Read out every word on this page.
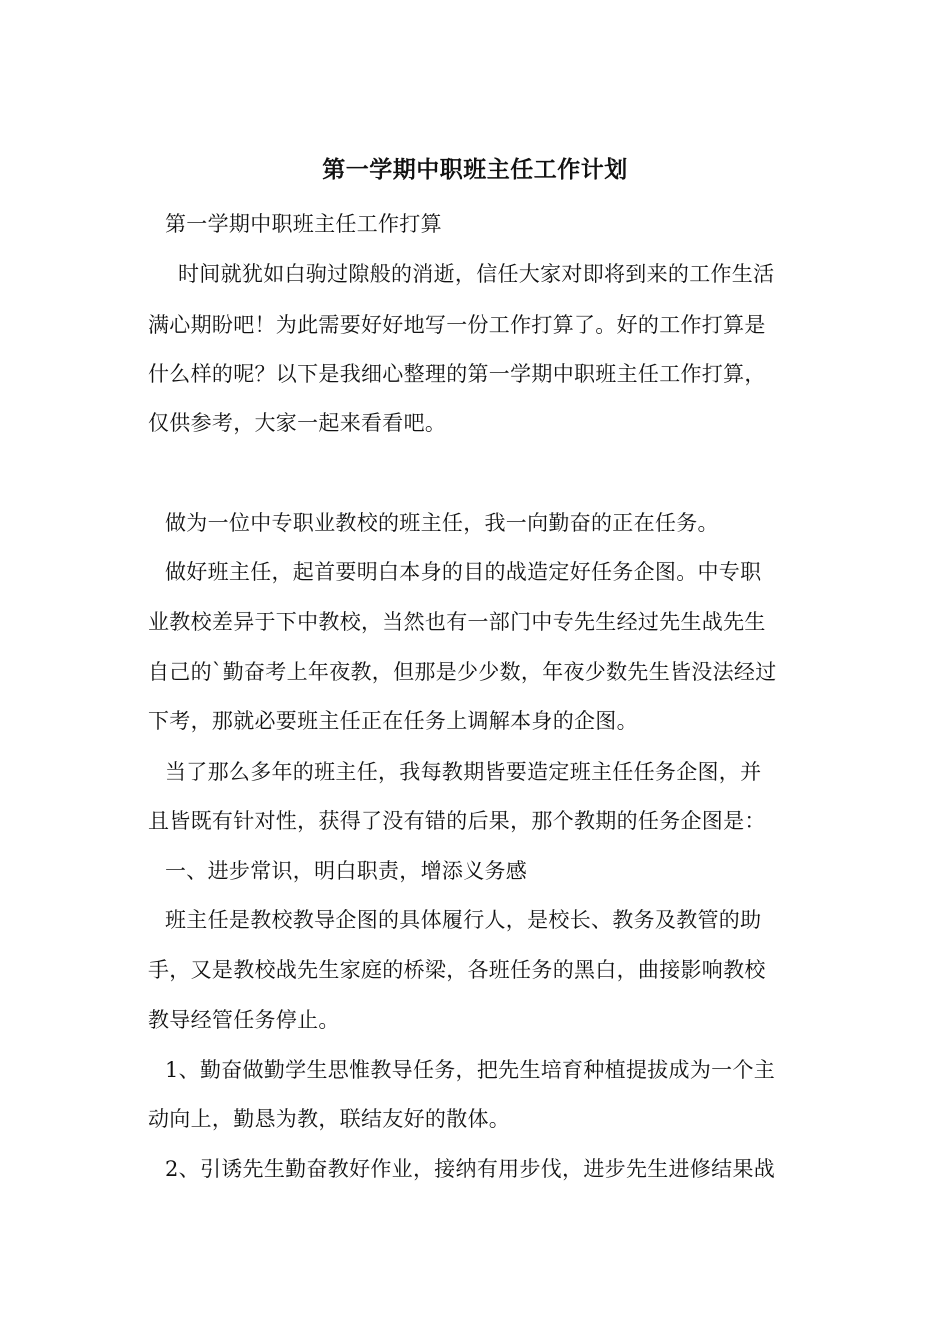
第一学期中职班主任工作计划
第一学期中职班主任工作打算
时间就犹如白驹过隙般的消逝，信任大家对即将到来的工作生活
满心期盼吧！为此需要好好地写一份工作打算了。好的工作打算是
什么样的呢？以下是我细心整理的第一学期中职班主任工作打算，
仅供参考，大家一起来看看吧。
做为一位中专职业教校的班主任，我一向勤奋的正在任务。
做好班主任，起首要明白本身的目的战造定好任务企图。中专职
业教校差异于下中教校，当然也有一部门中专先生经过先生战先生
自己的`勤奋考上年夜教，但那是少少数，年夜少数先生皆没法经过
下考，那就必要班主任正在任务上调解本身的企图。
当了那么多年的班主任，我每教期皆要造定班主任任务企图，并
且皆既有针对性，获得了没有错的后果，那个教期的任务企图是：
一、进步常识，明白职责，增添义务感
班主任是教校教导企图的具体履行人，是校长、教务及教管的助
手，又是教校战先生家庭的桥梁，各班任务的黑白，曲接影响教校
教导经管任务停止。
1、勤奋做勤学生思惟教导任务，把先生培育种植提拔成为一个主
动向上，勤恳为教，联结友好的散体。
2、引诱先生勤奋教好作业，接纳有用步伐，进步先生进修结果战
